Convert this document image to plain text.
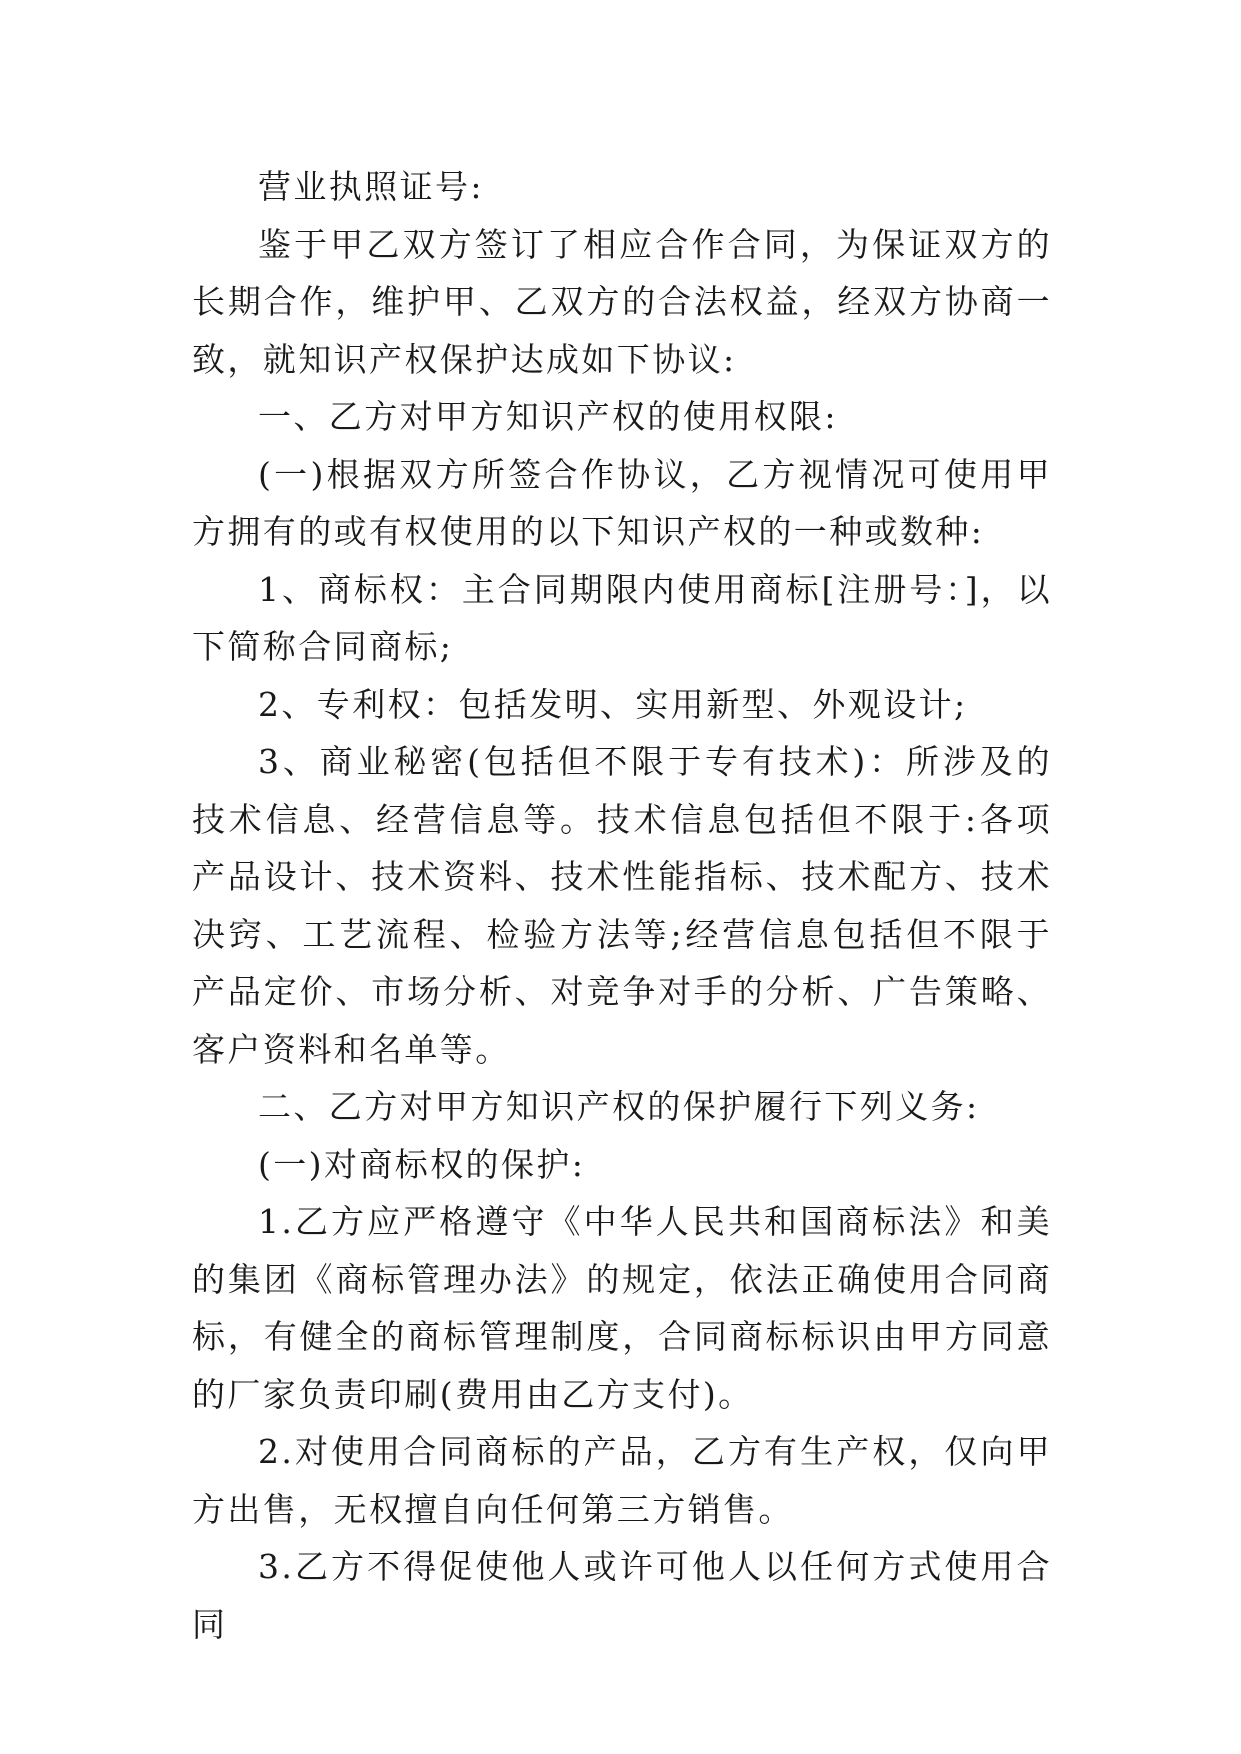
营业执照证号:

鉴于甲乙双方签订了相应合作合同，为保证双方的长期合作，维护甲、乙双方的合法权益，经双方协商一致，就知识产权保护达成如下协议:

一、乙方对甲方知识产权的使用权限:

(一)根据双方所签合作协议，乙方视情况可使用甲方拥有的或有权使用的以下知识产权的一种或数种:

1、商标权：主合同期限内使用商标[注册号：]，以下简称合同商标;

2、专利权：包括发明、实用新型、外观设计;

3、商业秘密(包括但不限于专有技术)：所涉及的技术信息、经营信息等。技术信息包括但不限于:各项产品设计、技术资料、技术性能指标、技术配方、技术决窍、工艺流程、检验方法等;经营信息包括但不限于产品定价、市场分析、对竞争对手的分析、广告策略、客户资料和名单等。

二、乙方对甲方知识产权的保护履行下列义务:

(一)对商标权的保护:

1.乙方应严格遵守《中华人民共和国商标法》和美的集团《商标管理办法》的规定，依法正确使用合同商标，有健全的商标管理制度，合同商标标识由甲方同意的厂家负责印刷(费用由乙方支付)。

2.对使用合同商标的产品，乙方有生产权，仅向甲方出售，无权擅自向任何第三方销售。

3.乙方不得促使他人或许可他人以任何方式使用合同
